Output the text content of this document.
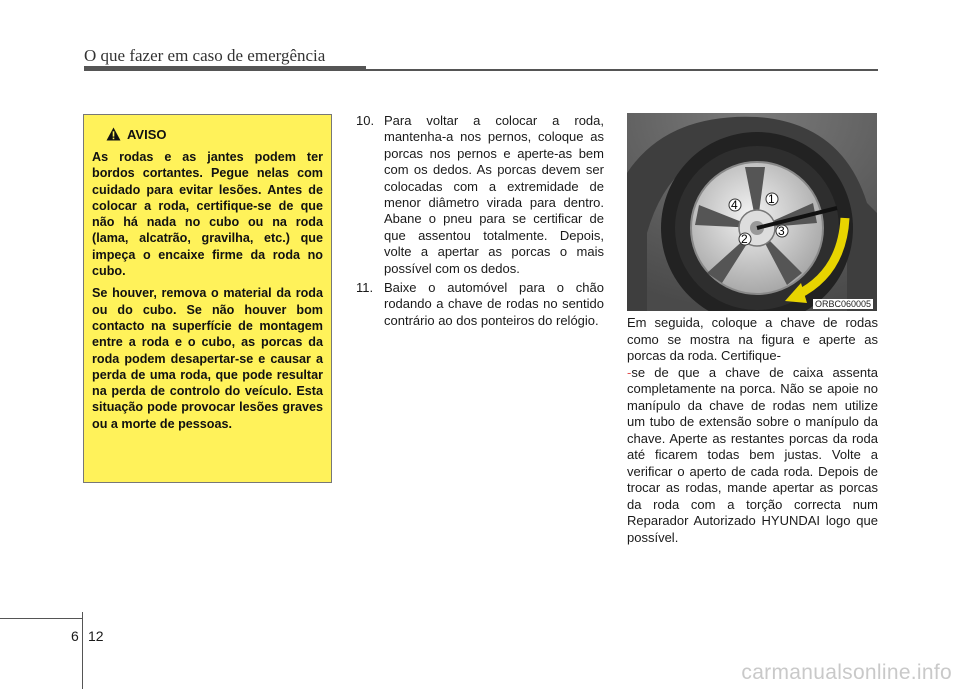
O que fazer em caso de emergência
AVISO

As rodas e as jantes podem ter bordos cortantes. Pegue nelas com cuidado para evitar lesões. Antes de colocar a roda, certifique-se de que não há nada no cubo ou na roda (lama, alcatrão, gravilha, etc.) que impeça o encaixe firme da roda no cubo.

Se houver, remova o material da roda ou do cubo. Se não houver bom contacto na superfície de montagem entre a roda e o cubo, as porcas da roda podem desapertar-se e causar a perda de uma roda, que pode resultar na perda de controlo do veículo. Esta situação pode provocar lesões graves ou a morte de pessoas.

10. Para voltar a colocar a roda, mantenha-a nos pernos, coloque as porcas nos pernos e aperte-as bem com os dedos. As porcas devem ser colocadas com a extremidade de menor diâmetro virada para dentro. Abane o pneu para se certificar de que assentou totalmente. Depois, volte a apertar as porcas o mais possível com os dedos.
11. Baixe o automóvel para o chão rodando a chave de rodas no sentido contrário ao dos ponteiros do relógio.
1
3
2
4
ORBC060005
Em seguida, coloque a chave de rodas como se mostra na figura e aperte as porcas da roda. Certifique-
-se de que a chave de caixa assenta completamente na porca. Não se apoie no manípulo da chave de rodas nem utilize um tubo de extensão sobre o manípulo da chave. Aperte as restantes porcas da roda até ficarem todas bem justas. Volte a verificar o aperto de cada roda. Depois de trocar as rodas, mande apertar as porcas da roda com a torção correcta num Reparador Autorizado HYUNDAI logo que possível.
6 12
carmanualsonline.info
